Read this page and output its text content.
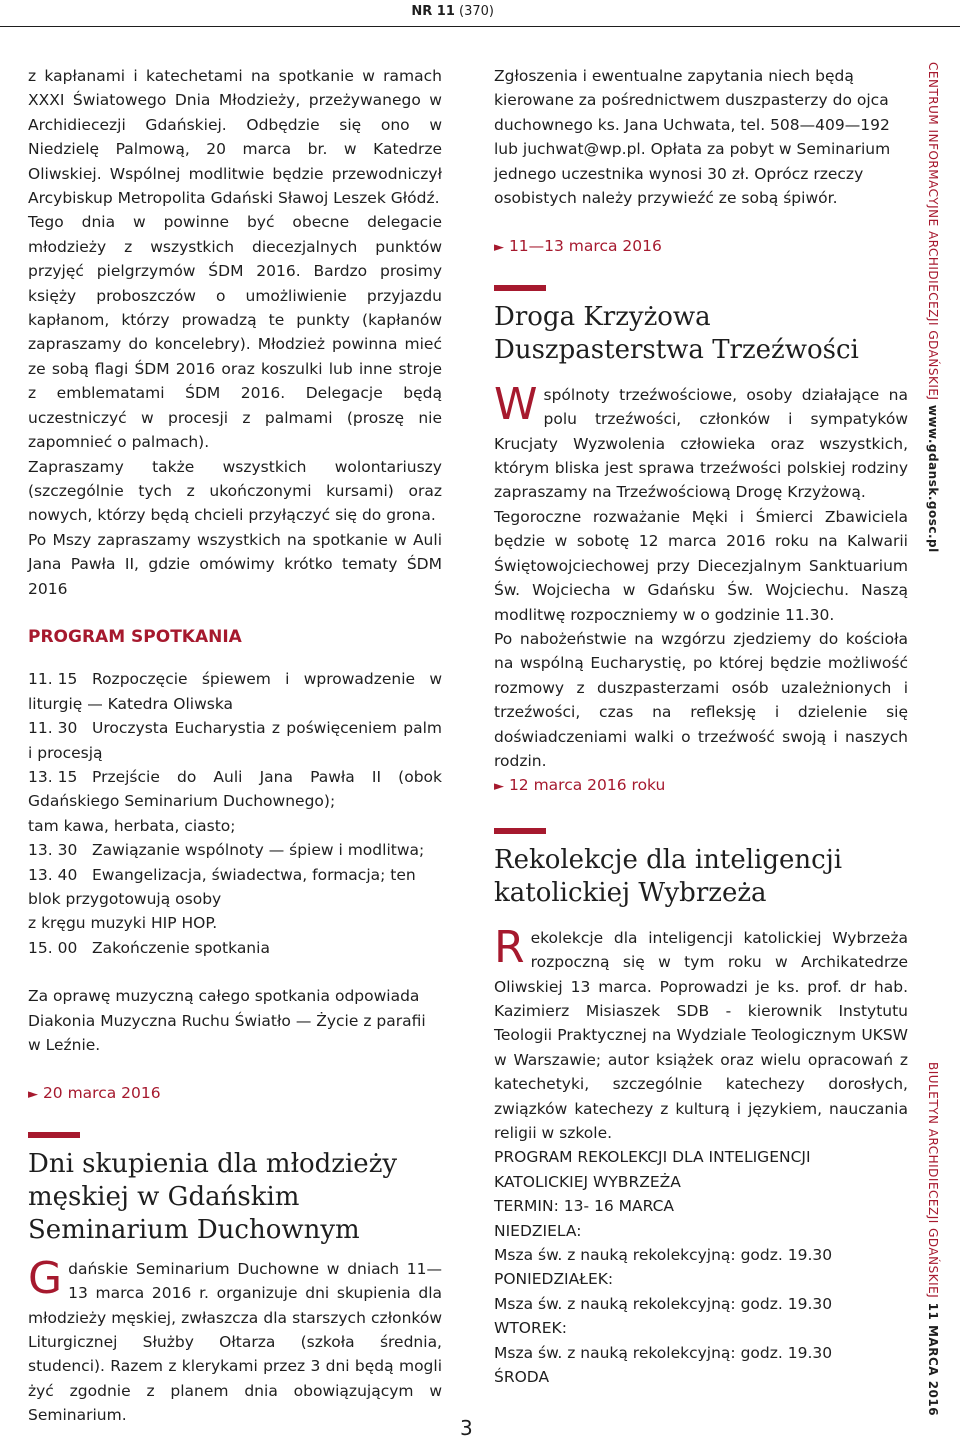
NR 11 (370)

z kapłanami i katechetami na spotkanie w ramach XXXI Światowego Dnia Młodzieży, przeżywanego w Archidiecezji Gdańskiej. Odbędzie się ono w Niedzielę Palmową, 20 marca br. w Katedrze Oliwskiej. Wspólnej modlitwie będzie przewodniczył Arcybiskup Metropolita Gdański Sławoj Leszek Głódź.

Tego dnia w powinne być obecne delegacie młodzieży z wszystkich diecezjalnych punktów przyjęć pielgrzymów ŚDM 2016. Bardzo prosimy księży proboszczów o umożliwienie przyjazdu kapłanom, którzy prowadzą te punkty (kapłanów zapraszamy do koncelebry). Młodzież powinna mieć ze sobą flagi ŚDM 2016 oraz koszulki lub inne stroje z emblematami ŚDM 2016. Delegacje będą uczestniczyć w procesji z palmami (proszę nie zapomnieć o palmach).

Zapraszamy także wszystkich wolontariuszy (szczególnie tych z ukończonymi kursami) oraz nowych, którzy będą chcieli przyłączyć się do grona.

Po Mszy zapraszamy wszystkich na spotkanie w Auli Jana Pawła II, gdzie omówimy krótko tematy ŚDM 2016

PROGRAM SPOTKANIA

11. 15 Rozpoczęcie śpiewem i wprowadzenie w liturgię — Katedra Oliwska

11. 30 Uroczysta Eucharystia z poświęceniem palm i procesją

13. 15 Przejście do Auli Jana Pawła II (obok Gdańskiego Seminarium Duchownego);

tam kawa, herbata, ciasto;

13. 30 Zawiązanie wspólnoty — śpiew i modlitwa;

13. 40 Ewangelizacja, świadectwa, formacja; ten blok przygotowują osoby

z kręgu muzyki HIP HOP.

15. 00 Zakończenie spotkania

Za oprawę muzyczną całego spotkania odpowiada Diakonia Muzyczna Ruchu Światło — Życie z parafii w Leźnie.

► 20 marca 2016

Dni skupienia dla młodzieży męskiej w Gdańskim Seminarium Duchownym

Gdańskie Seminarium Duchowne w dniach 11—13 marca 2016 r. organizuje dni skupienia dla młodzieży męskiej, zwłaszcza dla starszych członków Liturgicznej Służby Ołtarza (szkoła średnia, studenci). Razem z klerykami przez 3 dni będą mogli żyć zgodnie z planem dnia obowiązującym w Seminarium.

Zgłoszenia i ewentualne zapytania niech będą kierowane za pośrednictwem duszpasterzy do ojca duchownego ks. Jana Uchwata, tel. 508—409—192 lub juchwat@wp.pl. Opłata za pobyt w Seminarium jednego uczestnika wynosi 30 zł. Oprócz rzeczy osobistych należy przywieźć ze sobą śpiwór.

► 11—13 marca 2016

Droga Krzyżowa Duszpasterstwa Trzeźwości

Wspólnoty trzeźwościowe, osoby działające na polu trzeźwości, członków i sympatyków Krucjaty Wyzwolenia człowieka oraz wszystkich, którym bliska jest sprawa trzeźwości polskiej rodziny zapraszamy na Trzeźwościową Drogę Krzyżową.

Tegoroczne rozważanie Męki i Śmierci Zbawiciela będzie w sobotę 12 marca 2016 roku na Kalwarii Świętowojciechowej przy Diecezjalnym Sanktuarium Św. Wojciecha w Gdańsku Św. Wojciechu. Naszą modlitwę rozpoczniemy w o godzinie 11.30.

Po nabożeństwie na wzgórzu zjedziemy do kościoła na wspólną Eucharystię, po której będzie możliwość rozmowy z duszpasterzami osób uzależnionych i trzeźwości, czas na refleksję i dzielenie się doświadczeniami walki o trzeźwość swoją i naszych rodzin.

► 12 marca 2016 roku

Rekolekcje dla inteligencji katolickiej Wybrzeża

Rekolekcje dla inteligencji katolickiej Wybrzeża rozpoczną się w tym roku w Archikatedrze Oliwskiej 13 marca. Poprowadzi je ks. prof. dr hab. Kazimierz Misiaszek SDB - kierownik Instytutu Teologii Praktycznej na Wydziale Teologicznym UKSW w Warszawie; autor książek oraz wielu opracowań z katechetyki, szczególnie katechezy dorosłych, związków katechezy z kulturą i językiem, nauczania religii w szkole.

PROGRAM REKOLEKCJI DLA INTELIGENCJI KATOLICKIEJ WYBRZEŻA

TERMIN: 13- 16 MARCA

NIEDZIELA:

Msza św. z nauką rekolekcyjną: godz. 19.30

PONIEDZIAŁEK:

Msza św. z nauką rekolekcyjną: godz. 19.30

WTOREK:

Msza św. z nauką rekolekcyjną: godz. 19.30

ŚRODA

CENTRUM INFORMACYJNE ARCHIDIECEZJI GDAŃSKIEJ www.gdansk.gosc.pl
BIULETYN ARCHIDIECEZJI GDAŃSKIEJ 11 MARCA 2016
3
